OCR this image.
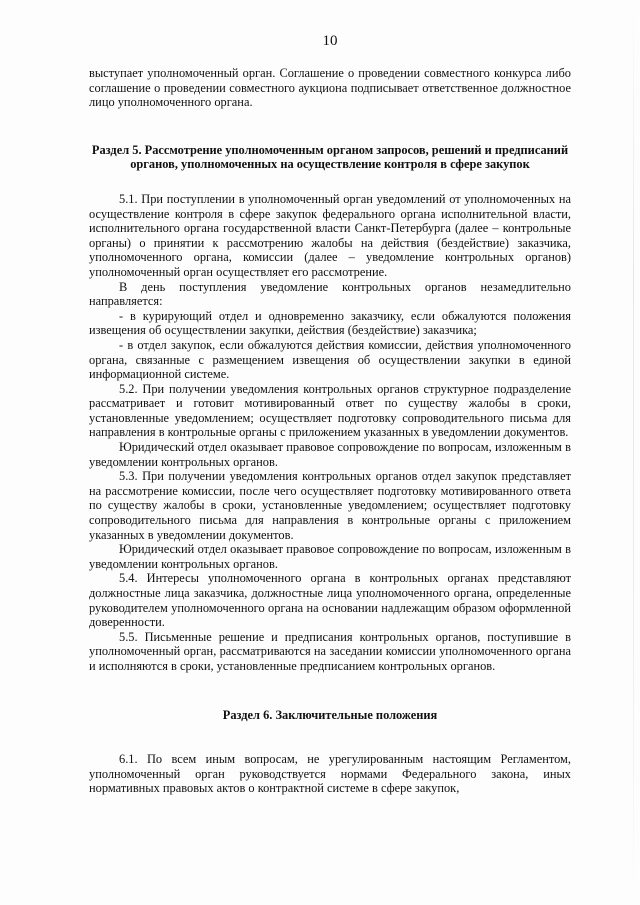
10

выступает уполномоченный орган. Соглашение о проведении совместного конкурса либо соглашение о проведении совместного аукциона подписывает ответственное должностное лицо уполномоченного органа.

Раздел 5. Рассмотрение уполномоченным органом запросов, решений и предписаний органов, уполномоченных на осуществление контроля в сфере закупок

5.1. При поступлении в уполномоченный орган уведомлений от уполномоченных на осуществление контроля в сфере закупок федерального органа исполнительной власти, исполнительного органа государственной власти Санкт-Петербурга (далее – контрольные органы) о принятии к рассмотрению жалобы на действия (бездействие) заказчика, уполномоченного органа, комиссии (далее – уведомление контрольных органов) уполномоченный орган осуществляет его рассмотрение.

В день поступления уведомление контрольных органов незамедлительно направляется:

- в курирующий отдел и одновременно заказчику, если обжалуются положения извещения об осуществлении закупки, действия (бездействие) заказчика;

- в отдел закупок, если обжалуются действия комиссии, действия уполномоченного органа, связанные с размещением извещения об осуществлении закупки в единой информационной системе.

5.2. При получении уведомления контрольных органов структурное подразделение рассматривает и готовит мотивированный ответ по существу жалобы в сроки, установленные уведомлением; осуществляет подготовку сопроводительного письма для направления в контрольные органы с приложением указанных в уведомлении документов.

Юридический отдел оказывает правовое сопровождение по вопросам, изложенным в уведомлении контрольных органов.

5.3. При получении уведомления контрольных органов отдел закупок представляет на рассмотрение комиссии, после чего осуществляет подготовку мотивированного ответа по существу жалобы в сроки, установленные уведомлением; осуществляет подготовку сопроводительного письма для направления в контрольные органы с приложением указанных в уведомлении документов.

Юридический отдел оказывает правовое сопровождение по вопросам, изложенным в уведомлении контрольных органов.

5.4. Интересы уполномоченного органа в контрольных органах представляют должностные лица заказчика, должностные лица уполномоченного органа, определенные руководителем уполномоченного органа на основании надлежащим образом оформленной доверенности.

5.5. Письменные решение и предписания контрольных органов, поступившие в уполномоченный орган, рассматриваются на заседании комиссии уполномоченного органа и исполняются в сроки, установленные предписанием контрольных органов.

Раздел 6. Заключительные положения

6.1. По всем иным вопросам, не урегулированным настоящим Регламентом, уполномоченный орган руководствуется нормами Федерального закона, иных нормативных правовых актов о контрактной системе в сфере закупок,
